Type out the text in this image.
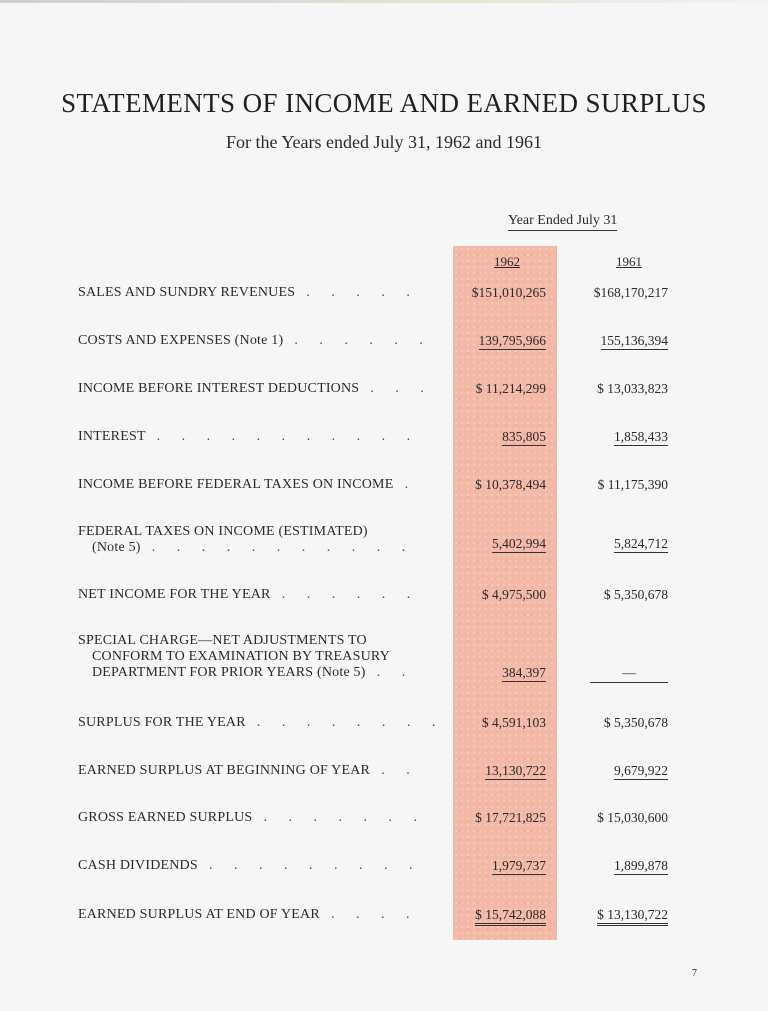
STATEMENTS OF INCOME AND EARNED SURPLUS
For the Years ended July 31, 1962 and 1961
Year Ended July 31
1962	1961
SALES AND SUNDRY REVENUES . . . . .	$151,010,265	$168,170,217
COSTS AND EXPENSES (Note 1) . . . . . .	139,795,966	155,136,394
INCOME BEFORE INTEREST DEDUCTIONS . . .	$ 11,214,299	$ 13,033,823
INTEREST . . . . . . . . . . .	835,805	1,858,433
INCOME BEFORE FEDERAL TAXES ON INCOME .	$ 10,378,494	$ 11,175,390
FEDERAL TAXES ON INCOME (ESTIMATED)
(Note 5) . . . . . . . . . . .	5,402,994	5,824,712
NET INCOME FOR THE YEAR . . . . . .	$ 4,975,500	$ 5,350,678
SPECIAL CHARGE—NET ADJUSTMENTS TO
CONFORM TO EXAMINATION BY TREASURY
DEPARTMENT FOR PRIOR YEARS (Note 5) . .	384,397	—
SURPLUS FOR THE YEAR . . . . . . . .	$ 4,591,103	$ 5,350,678
EARNED SURPLUS AT BEGINNING OF YEAR . .	13,130,722	9,679,922
GROSS EARNED SURPLUS . . . . . . .	$ 17,721,825	$ 15,030,600
CASH DIVIDENDS . . . . . . . . .	1,979,737	1,899,878
EARNED SURPLUS AT END OF YEAR . . . .	$ 15,742,088	$ 13,130,722
7
